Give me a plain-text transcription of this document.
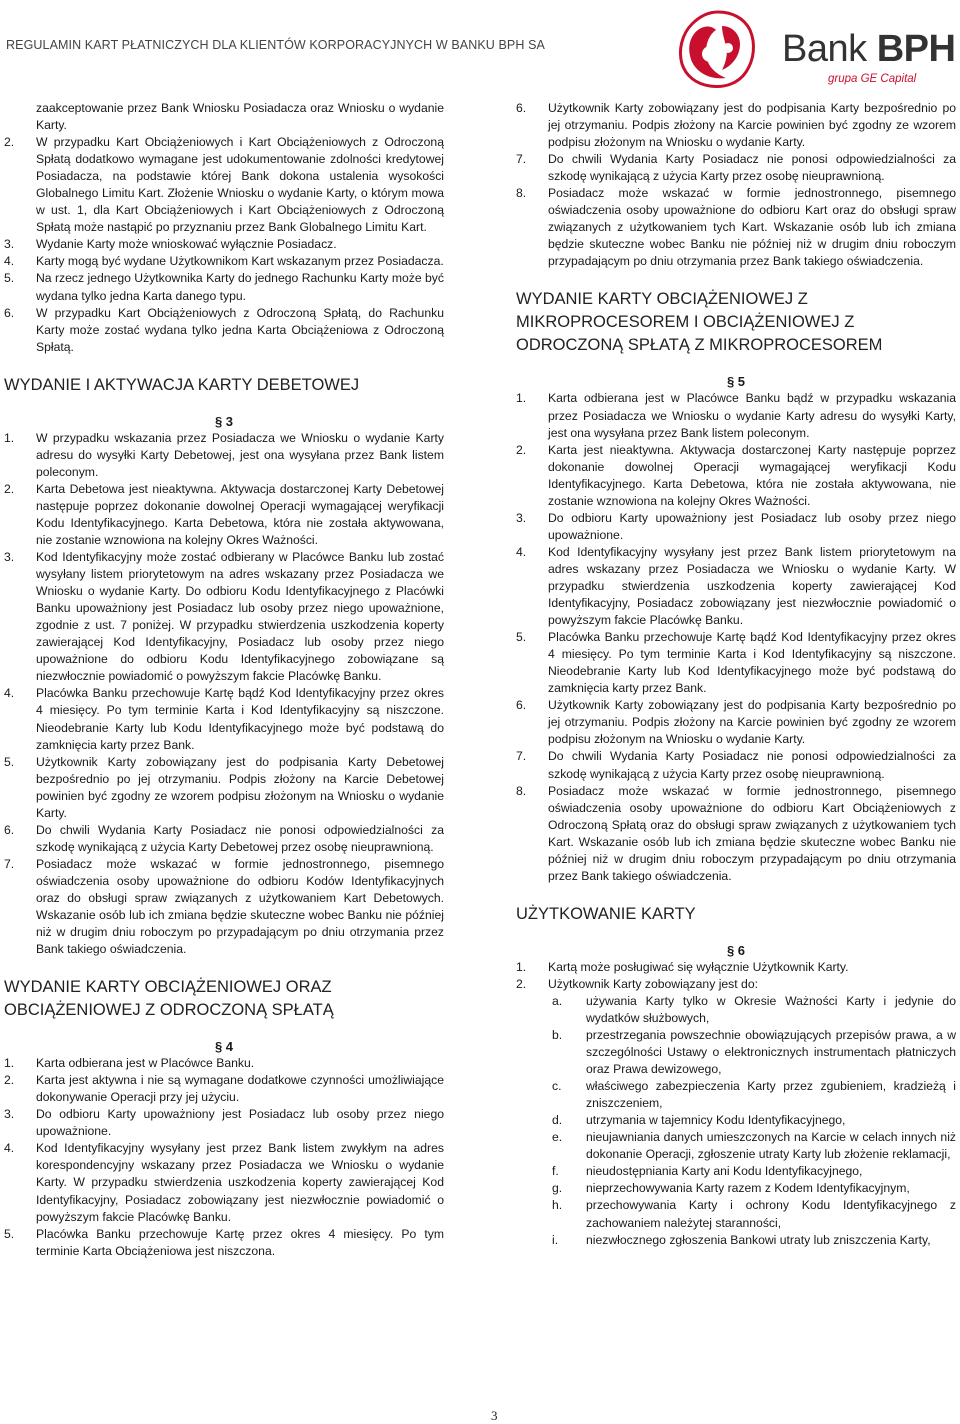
REGULAMIN KART PŁATNICZYCH DLA KLIENTÓW KORPORACYJNYCH W BANKU BPH SA	Bank BPH
grupa GE Capital

zaakceptowanie przez Bank Wniosku Posiadacza oraz Wniosku o wydanie Karty.

2. W przypadku Kart Obciążeniowych i Kart Obciążeniowych z Odroczoną Spłatą dodatkowo wymagane jest udokumentowanie zdolności kredytowej Posiadacza, na podstawie której Bank dokona ustalenia wysokości Globalnego Limitu Kart. Złożenie Wniosku o wydanie Karty, o którym mowa w ust. 1, dla Kart Obciążeniowych i Kart Obciążeniowych z Odroczoną Spłatą może nastąpić po przyznaniu przez Bank Globalnego Limitu Kart.
3. Wydanie Karty może wnioskować wyłącznie Posiadacz.
4. Karty mogą być wydane Użytkownikom Kart wskazanym przez Posiadacza.
5. Na rzecz jednego Użytkownika Karty do jednego Rachunku Karty może być wydana tylko jedna Karta danego typu.
6. W przypadku Kart Obciążeniowych z Odroczoną Spłatą, do Rachunku Karty może zostać wydana tylko jedna Karta Obciążeniowa z Odroczoną Spłatą.
WYDANIE I AKTYWACJA KARTY DEBETOWEJ
§ 3
1. W przypadku wskazania przez Posiadacza we Wniosku o wydanie Karty adresu do wysyłki Karty Debetowej, jest ona wysyłana przez Bank listem poleconym.
2. Karta Debetowa jest nieaktywna. Aktywacja dostarczonej Karty Debetowej następuje poprzez dokonanie dowolnej Operacji wymagającej weryfikacji Kodu Identyfikacyjnego. Karta Debetowa, która nie została aktywowana, nie zostanie wznowiona na kolejny Okres Ważności.
3. Kod Identyfikacyjny może zostać odbierany w Placówce Banku lub zostać wysyłany listem priorytetowym na adres wskazany przez Posiadacza we Wniosku o wydanie Karty. Do odbioru Kodu Identyfikacyjnego z Placówki Banku upoważniony jest Posiadacz lub osoby przez niego upoważnione, zgodnie z ust. 7 poniżej. W przypadku stwierdzenia uszkodzenia koperty zawierającej Kod Identyfikacyjny, Posiadacz lub osoby przez niego upoważnione do odbioru Kodu Identyfikacyjnego zobowiązane są niezwłocznie powiadomić o powyższym fakcie Placówkę Banku.
4. Placówka Banku przechowuje Kartę bądź Kod Identyfikacyjny przez okres 4 miesięcy. Po tym terminie Karta i Kod Identyfikacyjny są niszczone. Nieodebranie Karty lub Kodu Identyfikacyjnego może być podstawą do zamknięcia karty przez Bank.
5. Użytkownik Karty zobowiązany jest do podpisania Karty Debetowej bezpośrednio po jej otrzymaniu. Podpis złożony na Karcie Debetowej powinien być zgodny ze wzorem podpisu złożonym na Wniosku o wydanie Karty.
6. Do chwili Wydania Karty Posiadacz nie ponosi odpowiedzialności za szkodę wynikającą z użycia Karty Debetowej przez osobę nieuprawnioną.
7. Posiadacz może wskazać w formie jednostronnego, pisemnego oświadczenia osoby upoważnione do odbioru Kodów Identyfikacyjnych oraz do obsługi spraw związanych z użytkowaniem Kart Debetowych. Wskazanie osób lub ich zmiana będzie skuteczne wobec Banku nie później niż w drugim dniu roboczym po przypadającym po dniu otrzymania przez Bank takiego oświadczenia.
WYDANIE KARTY OBCIĄŻENIOWEJ ORAZ OBCIĄŻENIOWEJ Z ODROCZONĄ SPŁATĄ
§ 4
1. Karta odbierana jest w Placówce Banku.
2. Karta jest aktywna i nie są wymagane dodatkowe czynności umożliwiające dokonywanie Operacji przy jej użyciu.
3. Do odbioru Karty upoważniony jest Posiadacz lub osoby przez niego upoważnione.
4. Kod Identyfikacyjny wysyłany jest przez Bank listem zwykłym na adres korespondencyjny wskazany przez Posiadacza we Wniosku o wydanie Karty. W przypadku stwierdzenia uszkodzenia koperty zawierającej Kod Identyfikacyjny, Posiadacz zobowiązany jest niezwłocznie powiadomić o powyższym fakcie Placówkę Banku.
5. Placówka Banku przechowuje Kartę przez okres 4 miesięcy. Po tym terminie Karta Obciążeniowa jest niszczona.
6. Użytkownik Karty zobowiązany jest do podpisania Karty bezpośrednio po jej otrzymaniu. Podpis złożony na Karcie powinien być zgodny ze wzorem podpisu złożonym na Wniosku o wydanie Karty.
7. Do chwili Wydania Karty Posiadacz nie ponosi odpowiedzialności za szkodę wynikającą z użycia Karty przez osobę nieuprawnioną.
8. Posiadacz może wskazać w formie jednostronnego, pisemnego oświadczenia osoby upoważnione do odbioru Kart oraz do obsługi spraw związanych z użytkowaniem tych Kart. Wskazanie osób lub ich zmiana będzie skuteczne wobec Banku nie później niż w drugim dniu roboczym przypadającym po dniu otrzymania przez Bank takiego oświadczenia.
WYDANIE KARTY OBCIĄŻENIOWEJ Z MIKROPROCESOREM I OBCIĄŻENIOWEJ Z ODROCZONĄ SPŁATĄ Z MIKROPROCESOREM
§ 5
1. Karta odbierana jest w Placówce Banku bądź w przypadku wskazania przez Posiadacza we Wniosku o wydanie Karty adresu do wysyłki Karty, jest ona wysyłana przez Bank listem poleconym.
2. Karta jest nieaktywna. Aktywacja dostarczonej Karty następuje poprzez dokonanie dowolnej Operacji wymagającej weryfikacji Kodu Identyfikacyjnego. Karta Debetowa, która nie została aktywowana, nie zostanie wznowiona na kolejny Okres Ważności.
3. Do odbioru Karty upoważniony jest Posiadacz lub osoby przez niego upoważnione.
4. Kod Identyfikacyjny wysyłany jest przez Bank listem priorytetowym na adres wskazany przez Posiadacza we Wniosku o wydanie Karty. W przypadku stwierdzenia uszkodzenia koperty zawierającej Kod Identyfikacyjny, Posiadacz zobowiązany jest niezwłocznie powiadomić o powyższym fakcie Placówkę Banku.
5. Placówka Banku przechowuje Kartę bądź Kod Identyfikacyjny przez okres 4 miesięcy. Po tym terminie Karta i Kod Identyfikacyjny są niszczone. Nieodebranie Karty lub Kod Identyfikacyjnego może być podstawą do zamknięcia karty przez Bank.
6. Użytkownik Karty zobowiązany jest do podpisania Karty bezpośrednio po jej otrzymaniu. Podpis złożony na Karcie powinien być zgodny ze wzorem podpisu złożonym na Wniosku o wydanie Karty.
7. Do chwili Wydania Karty Posiadacz nie ponosi odpowiedzialności za szkodę wynikającą z użycia Karty przez osobę nieuprawnioną.
8. Posiadacz może wskazać w formie jednostronnego, pisemnego oświadczenia osoby upoważnione do odbioru Kart Obciążeniowych z Odroczoną Spłatą oraz do obsługi spraw związanych z użytkowaniem tych Kart. Wskazanie osób lub ich zmiana będzie skuteczne wobec Banku nie później niż w drugim dniu roboczym przypadającym po dniu otrzymania przez Bank takiego oświadczenia.
UŻYTKOWANIE KARTY
§ 6
1. Kartą może posługiwać się wyłącznie Użytkownik Karty.
2. Użytkownik Karty zobowiązany jest do:
a. używania Karty tylko w Okresie Ważności Karty i jedynie do wydatków służbowych,
b. przestrzegania powszechnie obowiązujących przepisów prawa, a w szczególności Ustawy o elektronicznych instrumentach płatniczych oraz Prawa dewizowego,
c. właściwego zabezpieczenia Karty przez zgubieniem, kradzieżą i zniszczeniem,
d. utrzymania w tajemnicy Kodu Identyfikacyjnego,
e. nieujawniania danych umieszczonych na Karcie w celach innych niż dokonanie Operacji, zgłoszenie utraty Karty lub złożenie reklamacji,
f. nieudostępniania Karty ani Kodu Identyfikacyjnego,
g. nieprzechowywania Karty razem z Kodem Identyfikacyjnym,
h. przechowywania Karty i ochrony Kodu Identyfikacyjnego z zachowaniem należytej staranności,
i. niezwłocznego zgłoszenia Bankowi utraty lub zniszczenia Karty,
3
